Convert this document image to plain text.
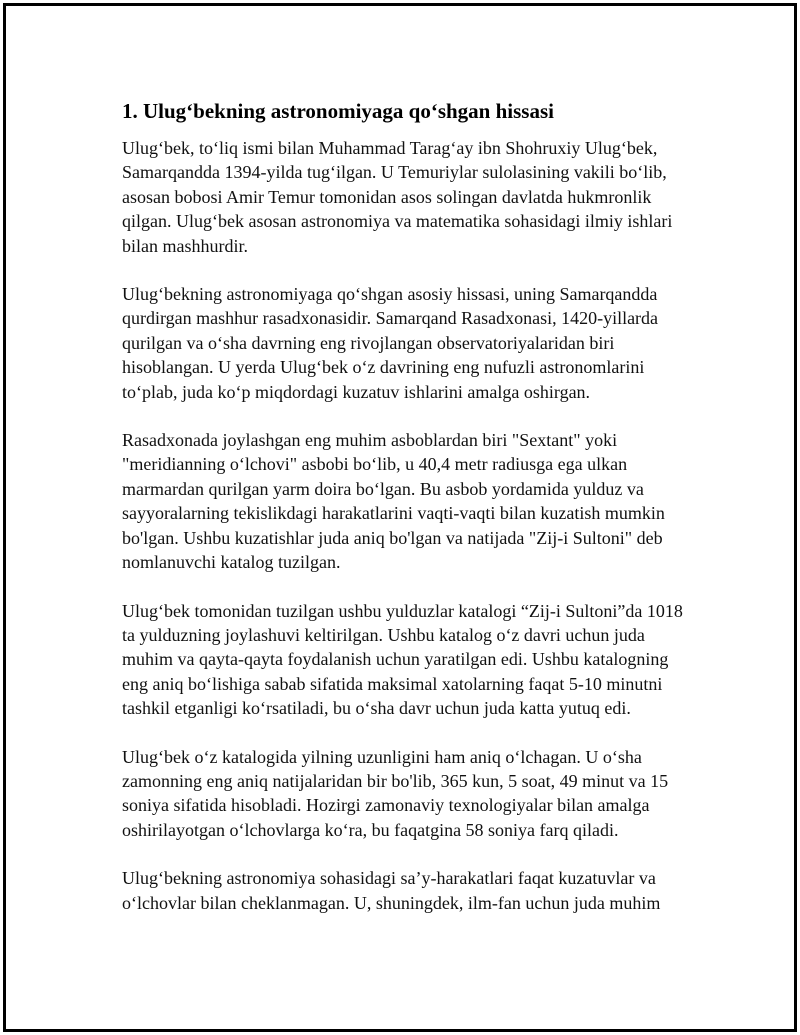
1. Ulug‘bekning astronomiyaga qo‘shgan hissasi

Ulug‘bek, to‘liq ismi bilan Muhammad Tarag‘ay ibn Shohruxiy Ulug‘bek, Samarqandda 1394-yilda tug‘ilgan. U Temuriylar sulolasining vakili bo‘lib, asosan bobosi Amir Temur tomonidan asos solingan davlatda hukmronlik qilgan. Ulug‘bek asosan astronomiya va matematika sohasidagi ilmiy ishlari bilan mashhurdir.

Ulug‘bekning astronomiyaga qo‘shgan asosiy hissasi, uning Samarqandda qurdirgan mashhur rasadxonasidir. Samarqand Rasadxonasi, 1420-yillarda qurilgan va o‘sha davrning eng rivojlangan observatoriyalaridan biri hisoblangan. U yerda Ulug‘bek o‘z davrining eng nufuzli astronomlarini to‘plab, juda ko‘p miqdordagi kuzatuv ishlarini amalga oshirgan.

Rasadxonada joylashgan eng muhim asboblardan biri "Sextant" yoki "meridianning o‘lchovi" asbobi bo‘lib, u 40,4 metr radiusga ega ulkan marmardan qurilgan yarm doira bo‘lgan. Bu asbob yordamida yulduz va sayyoralarning tekislikdagi harakatlarini vaqti-vaqti bilan kuzatish mumkin bo'lgan. Ushbu kuzatishlar juda aniq bo'lgan va natijada "Zij-i Sultoni" deb nomlanuvchi katalog tuzilgan.

Ulug‘bek tomonidan tuzilgan ushbu yulduzlar katalogi “Zij-i Sultoni”da 1018 ta yulduzning joylashuvi keltirilgan. Ushbu katalog o‘z davri uchun juda muhim va qayta-qayta foydalanish uchun yaratilgan edi. Ushbu katalogning eng aniq bo‘lishiga sabab sifatida maksimal xatolarning faqat 5-10 minutni tashkil etganligi ko‘rsatiladi, bu o‘sha davr uchun juda katta yutuq edi.

Ulug‘bek o‘z katalogida yilning uzunligini ham aniq o‘lchagan. U o‘sha zamonning eng aniq natijalaridan bir bo'lib, 365 kun, 5 soat, 49 minut va 15 soniya sifatida hisobladi. Hozirgi zamonaviy texnologiyalar bilan amalga oshirilayotgan o‘lchovlarga ko‘ra, bu faqatgina 58 soniya farq qiladi.

Ulug‘bekning astronomiya sohasidagi sa’y-harakatlari faqat kuzatuvlar va o‘lchovlar bilan cheklanmagan. U, shuningdek, ilm-fan uchun juda muhim
